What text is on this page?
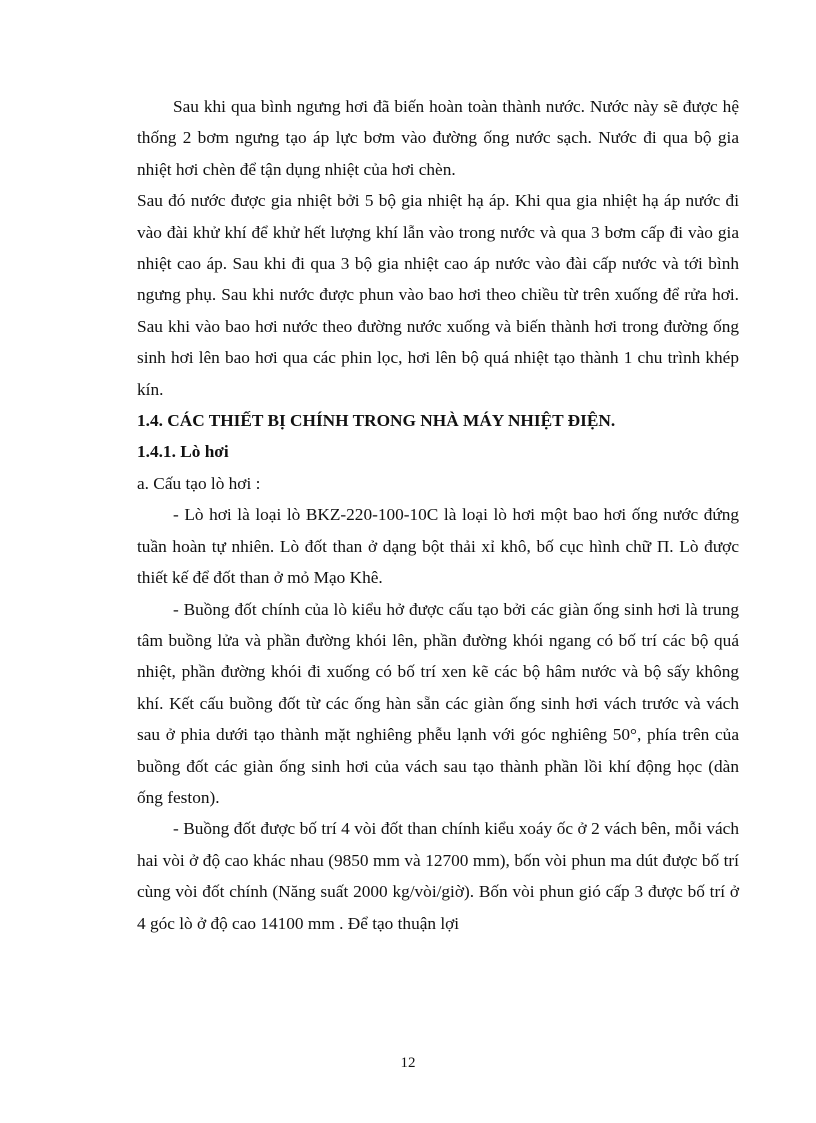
Sau khi qua bình ngưng hơi đã biến hoàn toàn thành nước. Nước này sẽ được hệ thống 2 bơm ngưng tạo áp lực bơm vào đường ống nước sạch. Nước đi qua bộ gia nhiệt hơi chèn để tận dụng nhiệt của hơi chèn.

Sau đó nước được gia nhiệt bởi 5 bộ gia nhiệt hạ áp. Khi qua gia nhiệt hạ áp nước đi vào đài khử khí để khử hết lượng khí lẫn vào trong nước và qua 3 bơm cấp đi vào gia nhiệt cao áp. Sau khi đi qua 3 bộ gia nhiệt cao áp nước vào đài cấp nước và tới bình ngưng phụ. Sau khi nước được phun vào bao hơi theo chiều từ trên xuống để rửa hơi. Sau khi vào bao hơi nước theo đường nước xuống và biến thành hơi trong đường ống sinh hơi lên bao hơi qua các phin lọc, hơi lên bộ quá nhiệt tạo thành 1 chu trình khép kín.

1.4. CÁC THIẾT BỊ CHÍNH TRONG NHÀ MÁY NHIỆT ĐIỆN.

1.4.1. Lò hơi

a. Cấu tạo lò hơi :

- Lò hơi là loại lò BKZ-220-100-10C là loại lò hơi một bao hơi ống nước đứng tuần hoàn tự nhiên. Lò đốt than ở dạng bột thải xỉ khô, bố cục hình chữ П. Lò được thiết kế để đốt than ở mỏ Mạo Khê.

- Buồng đốt chính của lò kiểu hở được cấu tạo bởi các giàn ống sinh hơi là trung tâm buồng lửa và phần đường khói lên, phần đường khói ngang có bố trí các bộ quá nhiệt, phần đường khói đi xuống có bố trí xen kẽ các bộ hâm nước và bộ sấy không khí. Kết cấu buồng đốt từ các ống hàn sẵn các giàn ống sinh hơi vách trước và vách sau ở phia dưới tạo thành mặt nghiêng phễu lạnh với góc nghiêng 50°, phía trên của buồng đốt các giàn ống sinh hơi của vách sau tạo thành phần lồi khí động học (dàn ống feston).

- Buồng đốt được bố trí 4 vòi đốt than chính kiểu xoáy ốc ở 2 vách bên, mỗi vách hai vòi ở độ cao khác nhau (9850 mm và 12700 mm), bốn vòi phun ma dút được bố trí cùng vòi đốt chính (Năng suất 2000 kg/vòi/giờ). Bốn vòi phun gió cấp 3 được bố trí ở 4 góc lò ở độ cao 14100 mm . Để tạo thuận lợi

12
